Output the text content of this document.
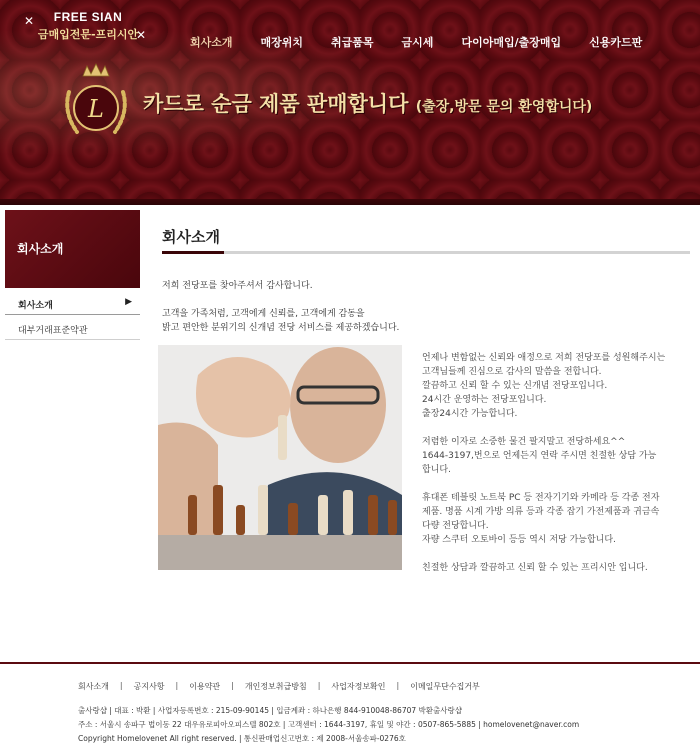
✕
✕
FREE SIAN
금매입전문-프리시안
회사소개	매장위치	취급품목	금시세	다이아매입/출장매입	신용카드판
L 카드로 순금 제품 판매합니다 (출장,방문 문의 환영합니다)
회사소개
회사소개	▶
대부거래표준약관
회사소개
저희 전당포를 찾아주셔서 감사합니다.
고객을 가족처럼, 고객에게 신뢰를, 고객에게 감동을
밝고 편안한 분위기의 신개념 전당 서비스를 제공하겠습니다.
언제나 변함없는 신뢰와 애정으로 저희 전당포를 성원해주시는
고객님들께 진심으로 감사의 말씀을 전합니다.
깔끔하고 신뢰 할 수 있는 신개념 전당포입니다.
24시간 운영하는 전당포입니다.
출장24시간 가능합니다.
저렴한 이자로 소중한 물건 팔지말고 전당하세요^^
1644-3197,번으로 언제든지 연락 주시면 친절한 상담 가능
합니다.
휴대폰 테블릿 노트북 PC 등 전자기기와 카메라 등 각종 전자
제품. 명품 시계 가방 의류 등과 각종 잡기 가전제품과 귀금속
다량 전당합니다.
자량 스쿠터 오토바이 등등 역시 저당 가능합니다.
친절한 상담과 깔끔하고 신뢰 할 수 있는 프리시안 입니다.
회사소개 | 공지사항 | 이용약관 | 개인정보취급방침 | 사업자정보확인 | 이메일무단수집거부
출사랑샵 | 대표 : 박환 | 사업자등록번호 : 215-09-90145 | 입금계좌 : 하나은행 844-910048-86707 박환출사랑샵
주소 : 서울시 송파구 법이동 22 대우유로피아오피스텔 802호 | 고객센터 : 1644-3197, 휴일 및 야간 : 0507-865-5885 | homelovenet@naver.com
Copyright Homelovenet All right reserved. | 통신판매업신고번호 : 제 2008-서울송파-0276호
